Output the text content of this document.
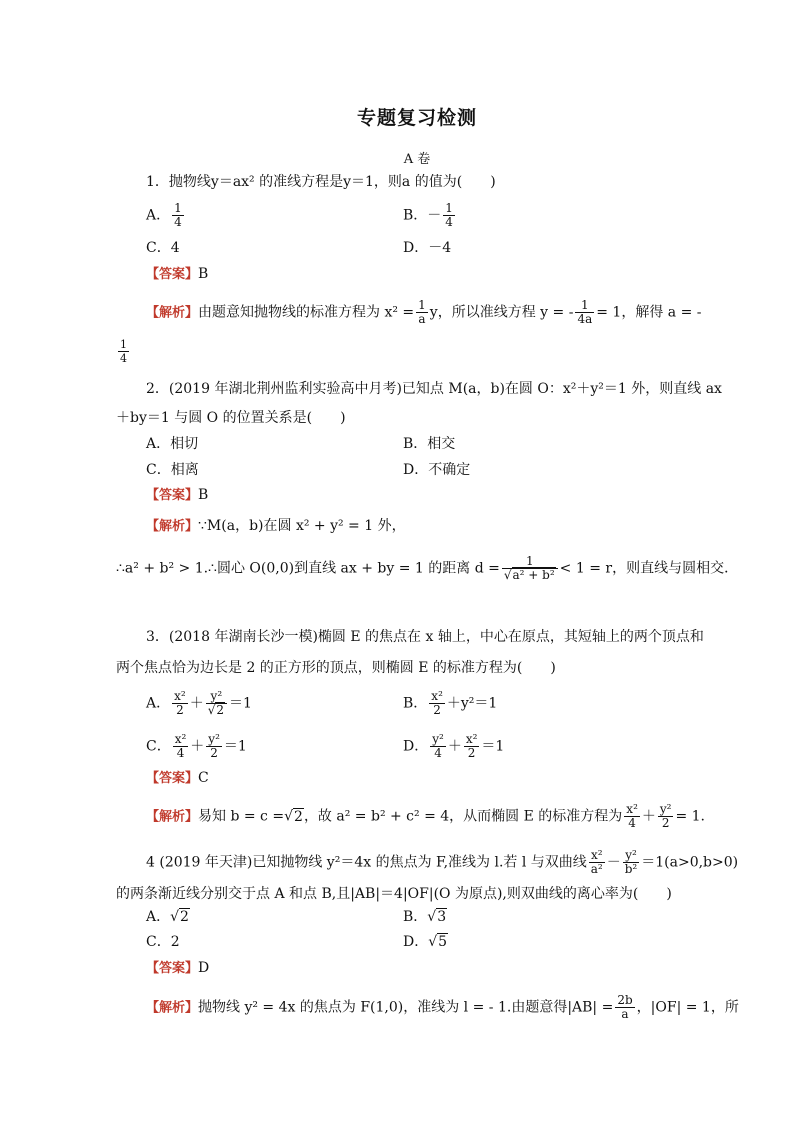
专题复习检测
A 卷
1．抛物线y＝ax² 的准线方程是y＝1，则a 的值为(　　)
A． $\frac{1}{4}$	B．－ $\frac{1}{4}$
C．4	D．－4
【答案】B
【解析】由题意知抛物线的标准方程为 $x^2 = \frac{1}{a}$ y，所以准线方程 y = - $\frac{1}{4a} = 1$，解得 a = -
$\frac{1}{4}$
2．(2019 年湖北荆州监利实验高中月考)已知点 M(a，b)在圆 O：x²＋y²＝1 外，则直线 ax
＋by＝1 与圆 O 的位置关系是(　　)
A．相切	B．相交
C．相离	D．不确定
【答案】B
【解析】∵M(a，b)在圆 x² + y² = 1 外，
∴a² + b² > 1.∴圆心 O(0,0)到直线 ax + by = 1 的距离 $d = \frac{1}{\text{√a² + b²}} < 1 = r$，则直线与圆相交．
3．(2018 年湖南长沙一模)椭圆 E 的焦点在 x 轴上，中心在原点，其短轴上的两个顶点和
两个焦点恰为边长是 2 的正方形的顶点，则椭圆 E 的标准方程为(　　)
A． $\frac{\text{x²}}{2} + \frac{\text{y²}}{√2} =1$	B． $\frac{\text{x²}}{2} +y^2=1$
C． $\frac{\text{x²}}{4} + \frac{\text{y²}}{2} =1$	D． $\frac{\text{y²}}{4} + \frac{\text{x²}}{2} =1$
【答案】C
【解析】易知 b = c =√2，故 a² = b² + c² = 4，从而椭圆 E 的标准方程为 $\frac{\text{x²}}{4} + \frac{\text{y²}}{2} = 1$.
4 (2019 年天津)已知抛物线 y²＝4x 的焦点为 F,准线为 l.若 l 与双曲线 $\frac{\text{x²}}{\text{a²}} - \frac{\text{y²}}{\text{b²}} =1(a>0,b>0)$
的两条渐近线分别交于点 A 和点 B,且|AB|＝4|OF|(O 为原点),则双曲线的离心率为(　　)
A．√2	B．√3
C．2	D．√5
【答案】D
【解析】抛物线 y² = 4x 的焦点为 F(1,0)，准线为 l = - 1.由题意得$|AB| = \frac{2b}{a}$ ，|OF| = 1，所
